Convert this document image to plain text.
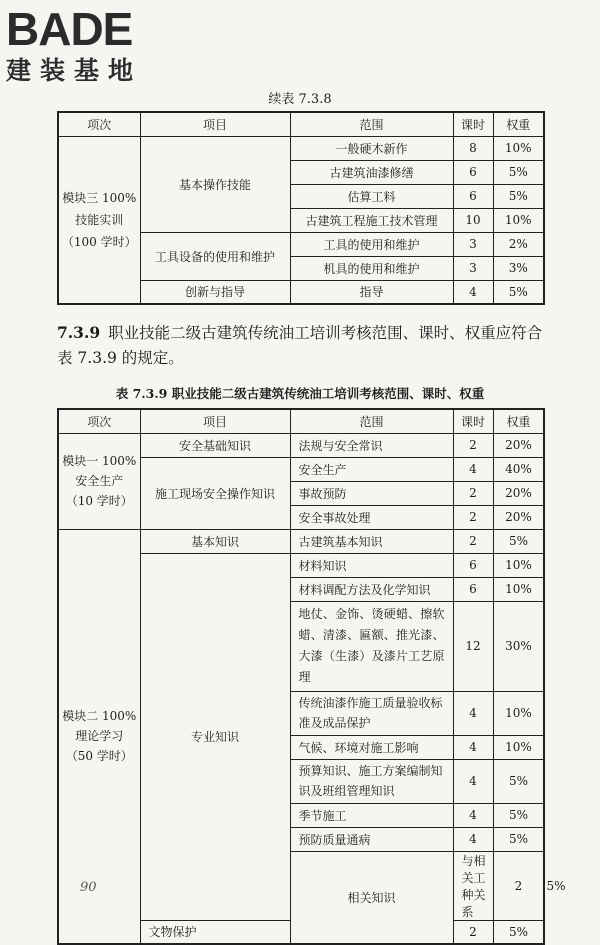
BADE
建装基地
续表 7.3.8
项次	项目	范围	课时	权重
模块三 100% 技能实训 （100 学时）	基本操作技能	一般硬木新作	8	10%
		古建筑油漆修缮	6	5%
		估算工料	6	5%
		古建筑工程施工技术管理	10	10%
	工具设备的使用和维护	工具的使用和维护	3	2%
		机具的使用和维护	3	3%
	创新与指导	指导	4	5%
7.3.9 职业技能二级古建筑传统油工培训考核范围、课时、权重应符合表 7.3.9 的规定。
表 7.3.9 职业技能二级古建筑传统油工培训考核范围、课时、权重
项次	项目	范围	课时	权重	
模块一 100% 安全生产 （10 学时）	安全基础知识	法规与安全常识	2	20%	
	施工现场安全操作知识	安全生产	4	40%	
		事故预防	2	20%	
		安全事故处理	2	20%	
模块二 100% 理论学习 （50 学时）	基本知识	古建筑基本知识	2	5%	
	专业知识	材料知识	6	10%	
		材料调配方法及化学知识	6	10%	
		地仗、金饰、烫硬蜡、擦软蜡、清漆、匾额、推光漆、大漆（生漆）及漆片工艺原理	12	30%	
		传统油漆作施工质量验收标准及成品保护	4	10%	
		气候、环境对施工影响	4	10%	
		预算知识、施工方案编制知识及班组管理知识	4	5%	
		季节施工	4	5%	
		预防质量通病	4	5%	
		相关知识	与相关工种关系	2	5%
	文物保护		2	5%	
90
